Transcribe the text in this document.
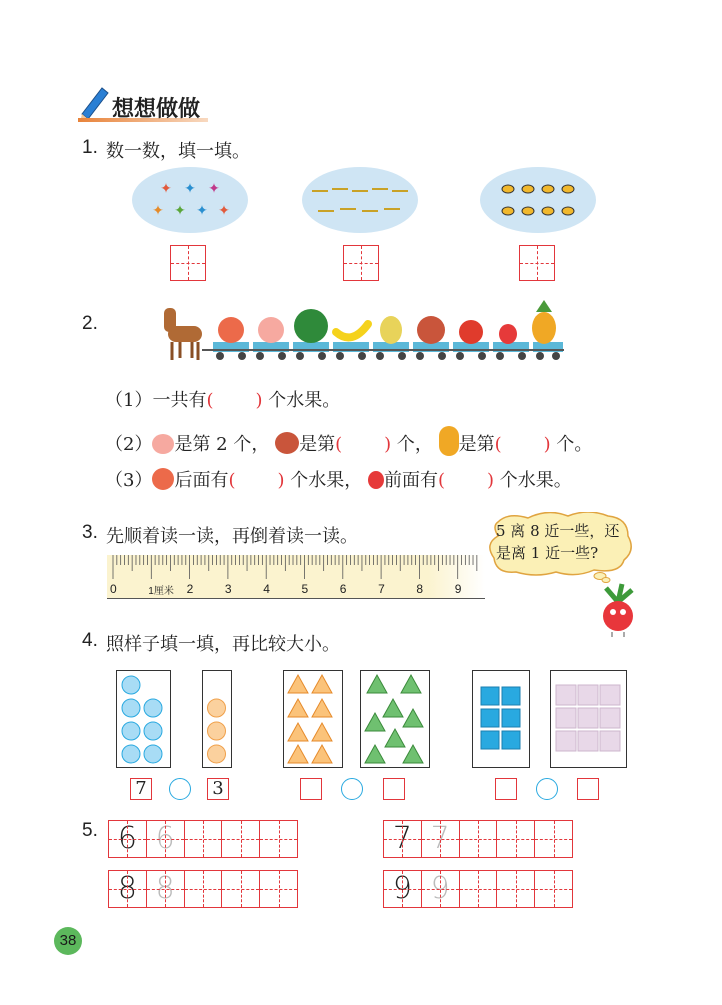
想想做做
1. 数一数，填一填。
✦ ✦ ✦
✦ ✦ ✦ ✦
2.
（1）一共有( ) 个水果。
（2） 是第 2 个， 是第( ) 个， 是第( ) 个。
（3） 后面有( ) 个水果， 前面有( ) 个水果。
3. 先顺着读一读，再倒着读一读。
0	1厘米 2	3	4	5	6	7	8	9
5 离 8 近一些，还
是离 1 近一些?
4. 照样子填一填，再比较大小。
7	3
5. 6 6
8 8
7 7
9 9
38
